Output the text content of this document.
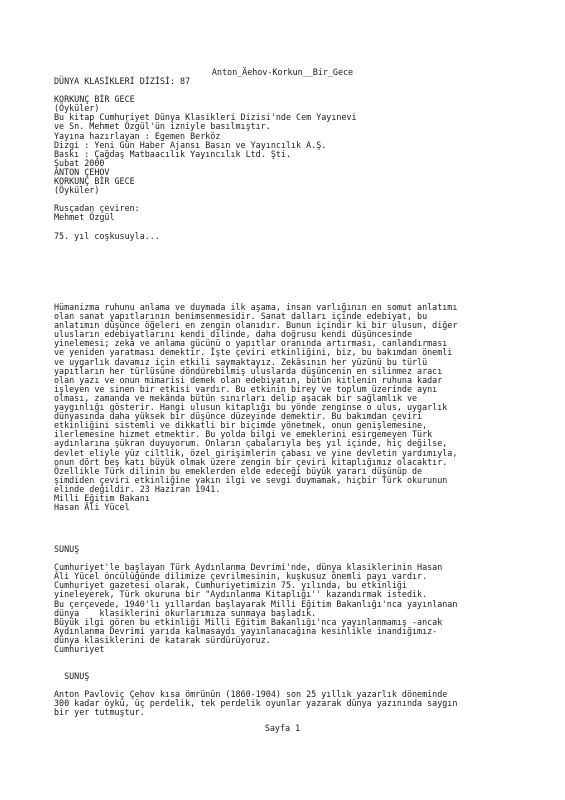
Anton_Äehov-Korkun__Bir_Gece
DÜNYA KLASİKLERİ DİZİSİ: 87

KORKUNÇ BİR GECE
(Öyküler)
Bu kitap Cumhuriyet Dünya Klasikleri Dizisi'nde Cem Yayınevi
ve Sn. Mehmet Özgül'ün izniyle basılmıştır.
Yayına hazırlayan : Egemen Berköz
Dizgi : Yeni Gün Haber Ajansı Basın ve Yayıncılık A.Ş.
Baskı : Çağdaş Matbaacılık Yayıncılık Ltd. Şti.
Şubat 2000
ANTON ÇEHOV
KORKUNÇ BİR GECE
(Öyküler)

Rusçadan çeviren:
Mehmet Özgül

75. yıl coşkusuyla...
Hümanizma ruhunu anlama ve duymada ilk aşama, insan varlığının en somut anlatımı
olan sanat yapıtlarının benimsenmesidir. Sanat dalları içinde edebiyat, bu
anlatımın düşünce öğeleri en zengin olanıdır. Bunun içindir ki bir ulusun, diğer
ulusların edebiyatlarını kendi dilinde, daha doğrusu kendi düşüncesinde
yinelemesi; zekâ ve anlama gücünü o yapıtlar oranında artırması, canlandırması
ve yeniden yaratması demektir. İşte çeviri etkinliğini, biz, bu bakımdan önemli
ve uygarlık davamız için etkili saymaktayız. Zekâsının her yüzünü bu türlü
yapıtların her türlüsüne döndürebilmiş uluslarda düşüncenin en silinmez aracı
olan yazı ve onun mimarisi demek olan edebiyatın, bütün kitlenin ruhuna kadar
işleyen ve sinen bir etkisi vardır. Bu etkinin birey ve toplum üzerinde aynı
olması, zamanda ve mekânda bütün sınırları delip aşacak bir sağlamlık ve
yaygınlığı gösterir. Hangi ulusun kitaplığı bu yönde zenginse o ulus, uygarlık
dünyasında daha yüksek bir düşünce düzeyinde demektir. Bu bakımdan çeviri
etkinliğini sistemli ve dikkatli bir biçimde yönetmek, onun genişlemesine,
ilerlemesine hizmet etmektir. Bu yolda bilgi ve emeklerini esirgemeyen Türk
aydınlarına şükran duyuyorum. Onların çabalarıyla beş yıl içinde, hiç değilse,
devlet eliyle yüz ciltlik, özel girişimlerin çabası ve yine devletin yardımıyla,
onun dört beş katı büyük olmak üzere zengin bir çeviri kitaplığımız olacaktır.
Özellikle Türk dilinin bu emeklerden elde edeceği büyük yararı düşünüp de
şimdiden çeviri etkinliğine yakın ilgi ve sevgi duymamak, hiçbir Türk okurunun
elinde değildir. 23 Haziran 1941.
Milli Eğitim Bakanı
Hasan Âli Yücel
SUNUŞ

Cumhuriyet'le başlayan Türk Aydınlanma Devrimi'nde, dünya klasiklerinin Hasan
Âli Yücel öncülüğünde dilimize çevrilmesinin, kuşkusuz önemli payı vardır.
Cumhuriyet gazetesi olarak, Cumhuriyetimizin 75. yılında, bu etkinliği
yineleyerek, Türk okuruna bir "Aydınlanma Kitaplığı'' kazandırmak istedik.
Bu çerçevede, 1940'lı yıllardan başlayarak Milli Eğitim Bakanlığı'nca yayınlanan
dünya    klasiklerini okurlarımıza sunmaya başladık.
Büyük ilgi gören bu etkinliği Milli Eğitim Bakanlığı'nca yayınlanmamış -ancak
Aydınlanma Devrimi yarıda kalmasaydı yayınlanacağına kesinlikle inandığımız-
dünya klasiklerini de katarak sürdürüyoruz.
Cumhuriyet
SUNUŞ

Anton Pavloviç Çehov kısa ömrünün (1860-1904) son 25 yıllık yazarlık döneminde
300 kadar öykü, üç perdelik, tek perdelik oyunlar yazarak dünya yazınında saygın
bir yer tutmuştur.
Sayfa 1
